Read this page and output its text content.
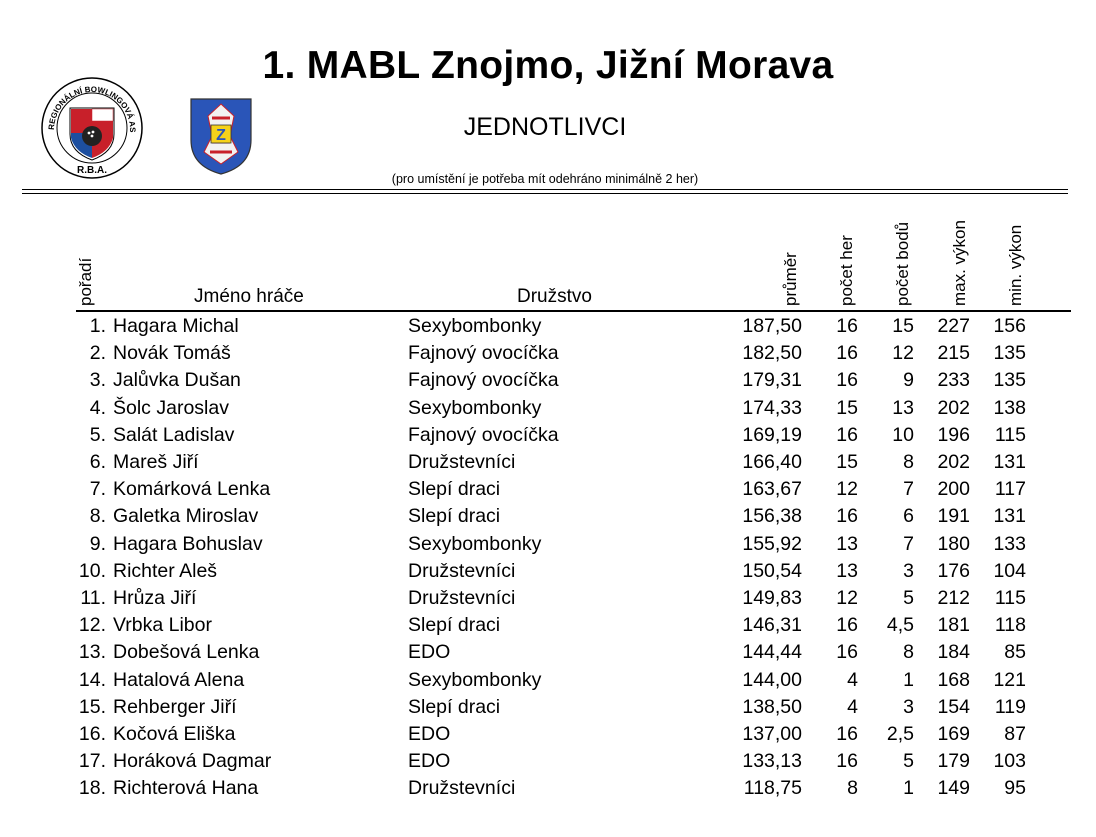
REGIONÁLNÍ BOWLINGOVÁ AS
R.B.A.
Z
1. MABL Znojmo, Jižní Morava
JEDNOTLIVCI
(pro umístění je potřeba mít odehráno minimálně 2 her)
pořadí	Jméno hráče	Družstvo	průměr počet her počet bodů max. výkon min. výkon
1. Hagara Michal	Sexybombonky	187,50 16 15 227 156
2. Novák Tomáš	Fajnový ovocíčka	182,50 16 12 215 135
3. Jalůvka Dušan	Fajnový ovocíčka	179,31 16 9 233 135
4. Šolc Jaroslav	Sexybombonky	174,33 15 13 202 138
5. Salát Ladislav	Fajnový ovocíčka	169,19 16 10 196 115
6. Mareš Jiří	Družstevníci	166,40 15 8 202 131
7. Komárková Lenka	Slepí draci	163,67 12 7 200 117
8. Galetka Miroslav	Slepí draci	156,38 16 6 191 131
9. Hagara Bohuslav	Sexybombonky	155,92 13 7 180 133
10. Richter Aleš	Družstevníci	150,54 13 3 176 104
11. Hrůza Jiří	Družstevníci	149,83 12 5 212 115
12. Vrbka Libor	Slepí draci	146,31 16 4,5 181 118
13. Dobešová Lenka	EDO	144,44 16 8 184 85
14. Hatalová Alena	Sexybombonky	144,00 4 1 168 121
15. Rehberger Jiří	Slepí draci	138,50 4 3 154 119
16. Kočová Eliška	EDO	137,00 16 2,5 169 87
17. Horáková Dagmar	EDO	133,13 16 5 179 103
18. Richterová Hana	Družstevníci	118,75 8 1 149 95
